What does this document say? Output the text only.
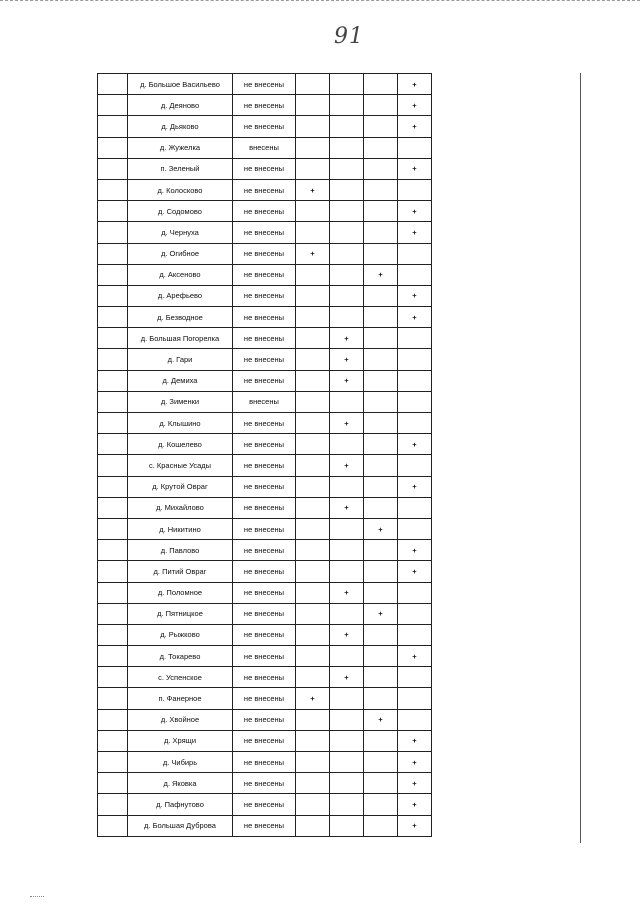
91
	д. Большое Васильево	не внесены				+
	д. Деяново	не внесены				+
	д. Дьяково	не внесены				+
	д. Жужелка	внесены				
	п. Зеленый	не внесены				+
	д. Колосково	не внесены	+			
	д. Содомово	не внесены				+
	д. Чернуха	не внесены				+
	д. Огибное	не внесены	+			
	д. Аксеново	не внесены			+	
	д. Арефьево	не внесены				+
	д. Безводное	не внесены				+
	д. Большая Погорелка	не внесены		+		
	д. Гари	не внесены		+		
	д. Демиха	не внесены		+		
	д. Зименки	внесены				
	д. Клышино	не внесены		+		
	д. Кошелево	не внесены				+
	с. Красные Усады	не внесены		+		
	д. Крутой Овраг	не внесены				+
	д. Михайлово	не внесены		+		
	д. Никитино	не внесены			+	
	д. Павлово	не внесены				+
	д. Питий Овраг	не внесены				+
	д. Поломное	не внесены		+		
	д. Пятницкое	не внесены			+	
	д. Рыжково	не внесены		+		
	д. Токарево	не внесены				+
	с. Успенское	не внесены		+		
	п. Фанерное	не внесены	+			
	д. Хвойное	не внесены			+	
	д. Хрящи	не внесены				+
	д. Чибирь	не внесены				+
	д. Яковка	не внесены				+
	д. Пафнутово	не внесены				+
	д. Большая Дуброва	не внесены				+
